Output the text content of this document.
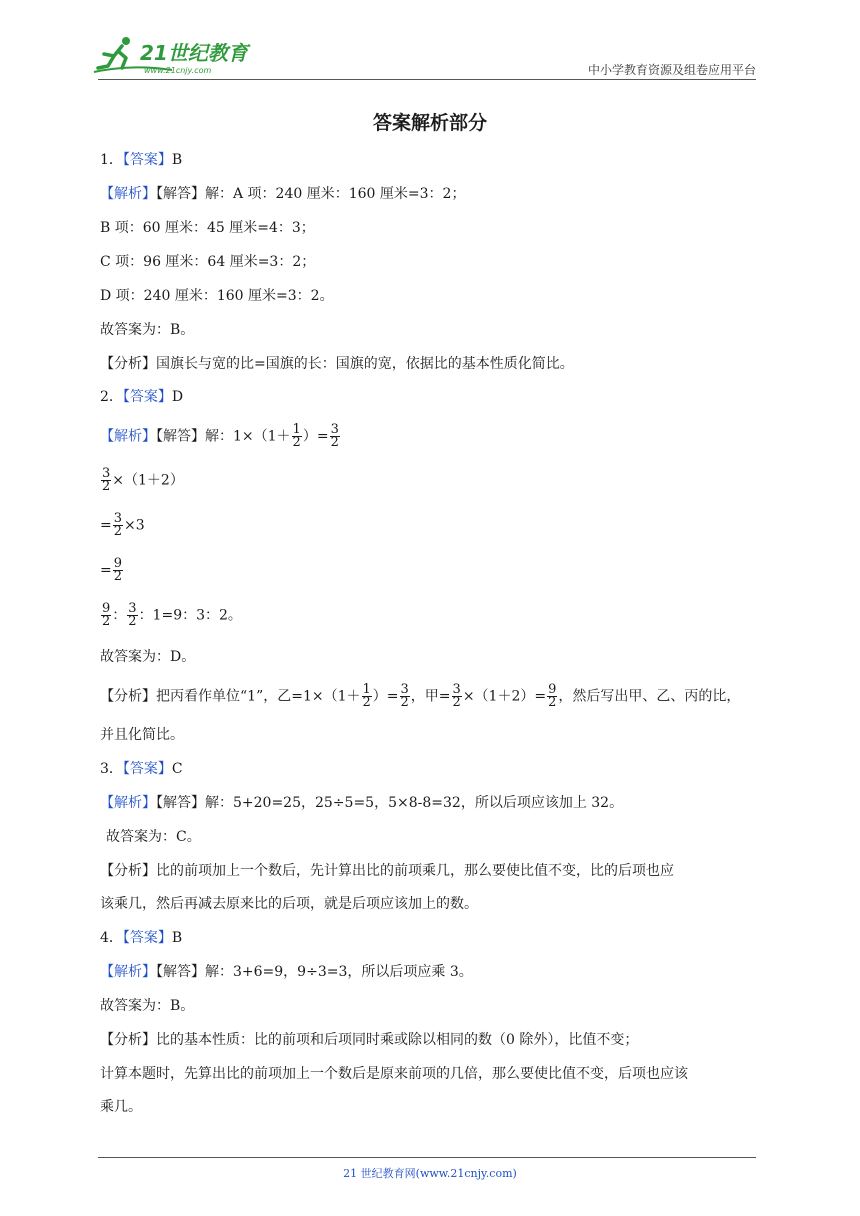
21世纪教育
www.21cnjy.com	中小学教育资源及组卷应用平台
答案解析部分
1．【答案】B
【解析】【解答】解：A 项：240 厘米：160 厘米=3：2；
B 项：60 厘米：45 厘米=4：3；
C 项：96 厘米：64 厘米=3：2；
D 项：240 厘米：160 厘米=3：2。
故答案为：B。
【分析】国旗长与宽的比=国旗的长：国旗的宽，依据比的基本性质化简比。
2．【答案】D
【解析】【解答】解：$1\times(1+ \frac{1}{2}$ ）= $\frac{3}{2}$
$\frac{3}{2} \times(1+2)$
= $\frac{3}{2} \times 3$
= $\frac{9}{2}$
$\frac{9}{2}$ ： $\frac{3}{2}$ ：1=9：3：2。
故答案为：D。
【分析】把丙看作单位“1”，乙$=1\times(1+ \frac{1}{2}$ ）= $\frac{3}{2}$ ，甲= $\frac{3}{2} \times(1+2)= \frac{9}{2}$ ，然后写出甲、乙、丙的比，
并且化简比。
3．【答案】C
【解析】【解答】解：5+20=25，25÷5=5，5×8-8=32，所以后项应该加上 32。
故答案为：C。
【分析】比的前项加上一个数后，先计算出比的前项乘几，那么要使比值不变，比的后项也应
该乘几，然后再减去原来比的后项，就是后项应该加上的数。
4．【答案】B
【解析】【解答】解：3+6=9，9÷3=3，所以后项应乘 3。
故答案为：B。
【分析】比的基本性质：比的前项和后项同时乘或除以相同的数（0 除外），比值不变；
计算本题时，先算出比的前项加上一个数后是原来前项的几倍，那么要使比值不变，后项也应该
乘几。
21 世纪教育网(www.21cnjy.com)
